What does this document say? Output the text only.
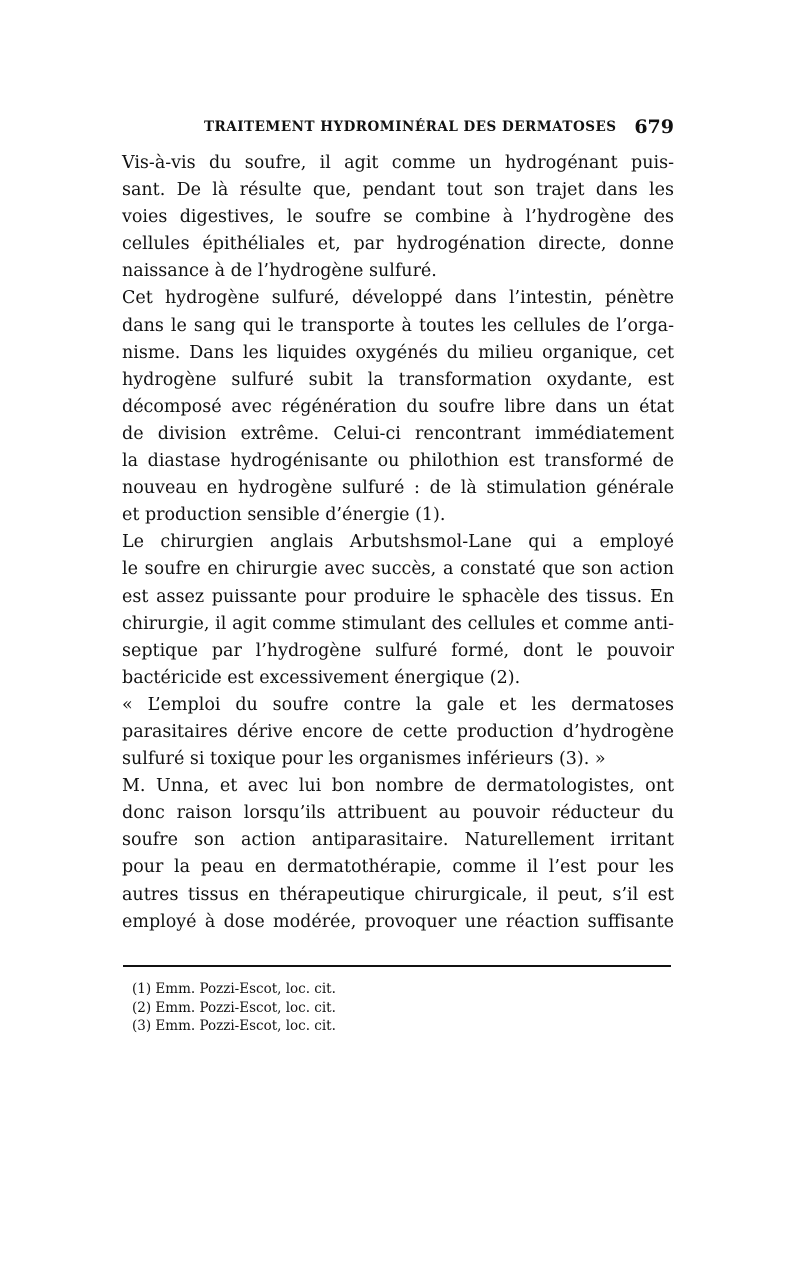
TRAITEMENT HYDROMINÉRAL DES DERMATOSES 679
Vis-à-vis du soufre, il agit comme un hydrogénant puis-
sant. De là résulte que, pendant tout son trajet dans les
voies digestives, le soufre se combine à l’hydrogène des
cellules épithéliales et, par hydrogénation directe, donne
naissance à de l’hydrogène sulfuré.
Cet hydrogène sulfuré, développé dans l’intestin, pénètre
dans le sang qui le transporte à toutes les cellules de l’orga-
nisme. Dans les liquides oxygénés du milieu organique, cet
hydrogène sulfuré subit la transformation oxydante, est
décomposé avec régénération du soufre libre dans un état
de division extrême. Celui-ci rencontrant immédiatement
la diastase hydrogénisante ou philothion est transformé de
nouveau en hydrogène sulfuré : de là stimulation générale
et production sensible d’énergie (1).
Le chirurgien anglais Arbutshsmol-Lane qui a employé
le soufre en chirurgie avec succès, a constaté que son action
est assez puissante pour produire le sphacèle des tissus. En
chirurgie, il agit comme stimulant des cellules et comme anti-
septique par l’hydrogène sulfuré formé, dont le pouvoir
bactéricide est excessivement énergique (2).
« L’emploi du soufre contre la gale et les dermatoses
parasitaires dérive encore de cette production d’hydrogène
sulfuré si toxique pour les organismes inférieurs (3). »
M. Unna, et avec lui bon nombre de dermatologistes, ont
donc raison lorsqu’ils attribuent au pouvoir réducteur du
soufre son action antiparasitaire. Naturellement irritant
pour la peau en dermatothérapie, comme il l’est pour les
autres tissus en thérapeutique chirurgicale, il peut, s’il est
employé à dose modérée, provoquer une réaction suffisante
(1) Emm. Pozzi-Escot, loc. cit.
(2) Emm. Pozzi-Escot, loc. cit.
(3) Emm. Pozzi-Escot, loc. cit.
